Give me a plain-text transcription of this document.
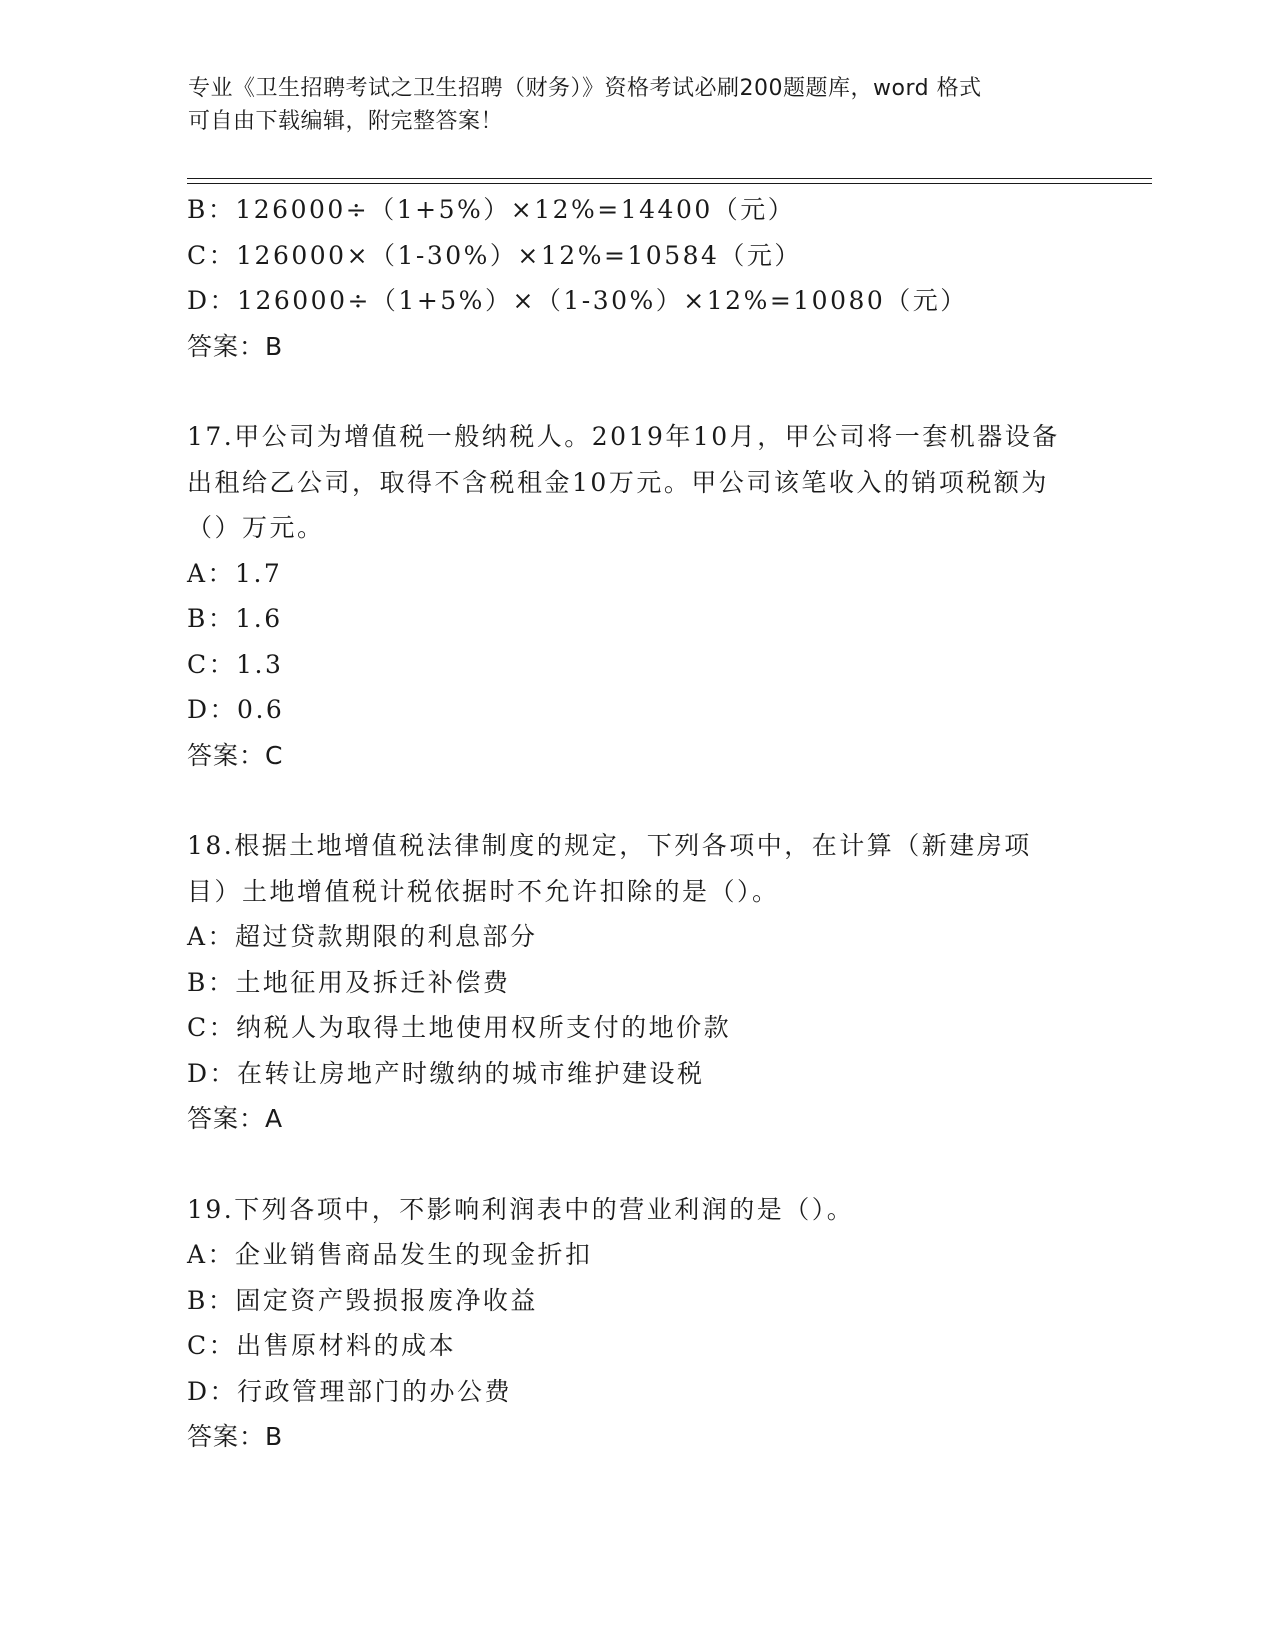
专业《卫生招聘考试之卫生招聘（财务）》资格考试必刷200题题库，word 格式
可自由下载编辑，附完整答案！

B：126000÷（1+5%）×12%=14400（元）

C：126000×（1-30%）×12%=10584（元）

D：126000÷（1+5%）×（1-30%）×12%=10080（元）

答案：B

17.甲公司为增值税一般纳税人。2019年10月，甲公司将一套机器设备出租给乙公司，取得不含税租金10万元。甲公司该笔收入的销项税额为（）万元。

A：1.7

B：1.6

C：1.3

D：0.6

答案：C

18.根据土地增值税法律制度的规定，下列各项中，在计算（新建房项目）土地增值税计税依据时不允许扣除的是（）。

A：超过贷款期限的利息部分

B：土地征用及拆迁补偿费

C：纳税人为取得土地使用权所支付的地价款

D：在转让房地产时缴纳的城市维护建设税

答案：A

19.下列各项中，不影响利润表中的营业利润的是（）。

A：企业销售商品发生的现金折扣

B：固定资产毁损报废净收益

C：出售原材料的成本

D：行政管理部门的办公费

答案：B
